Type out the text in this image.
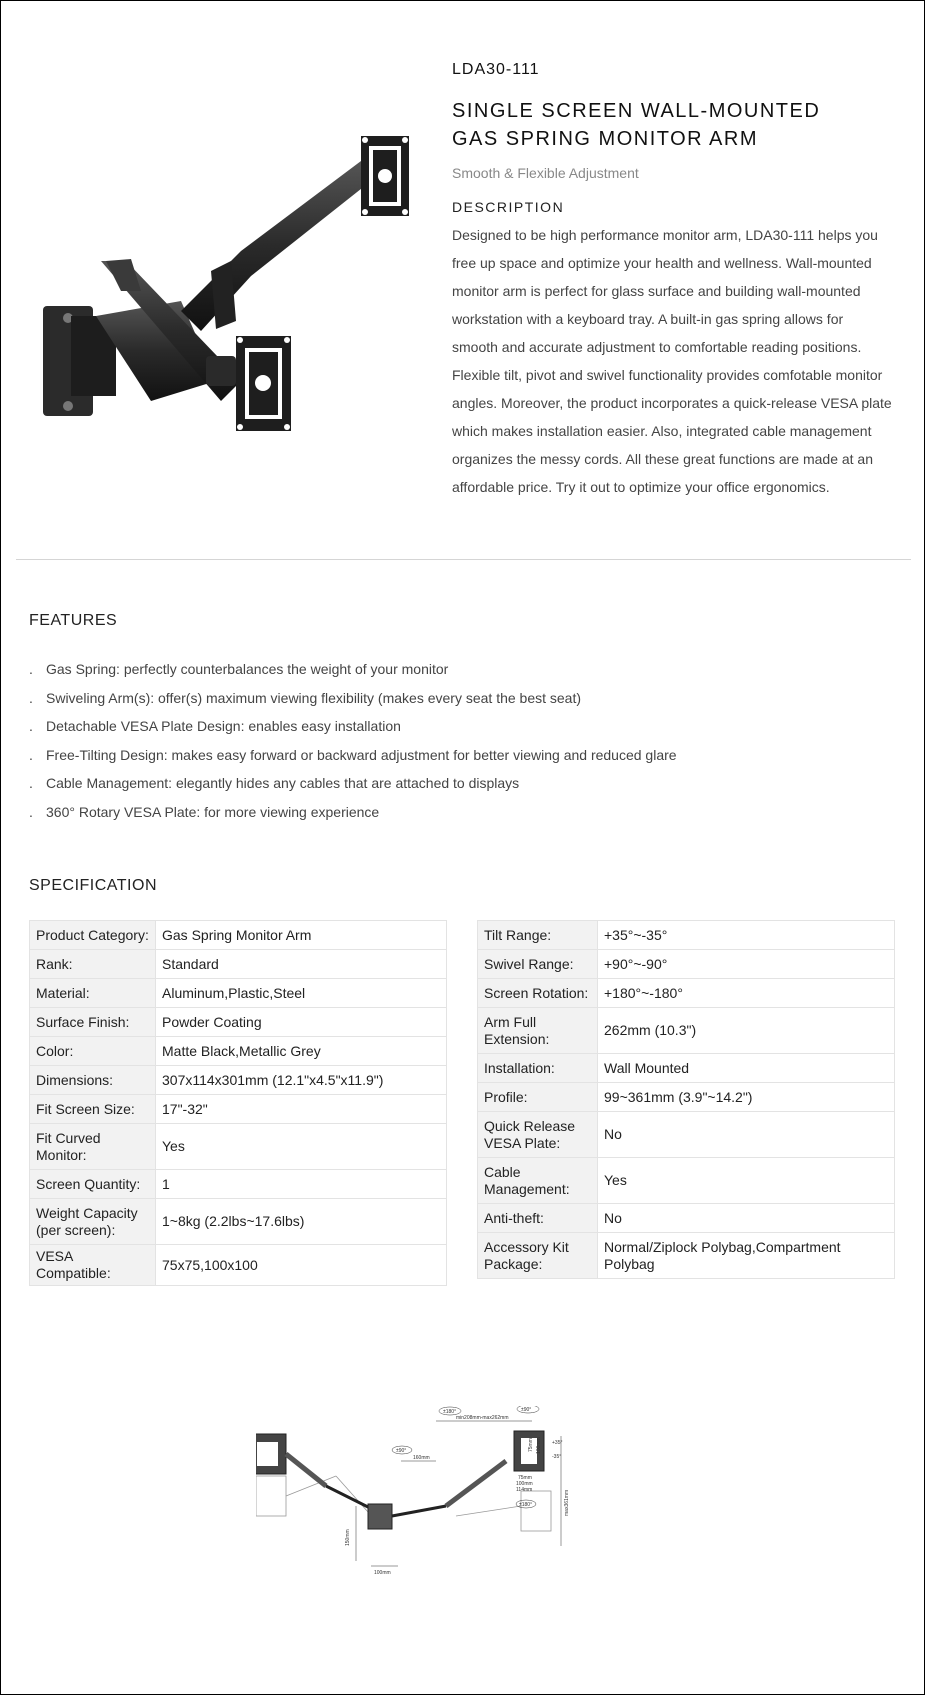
LDA30-111
SINGLE SCREEN WALL-MOUNTED
GAS SPRING MONITOR ARM
Smooth & Flexible Adjustment
DESCRIPTION

Designed to be high performance monitor arm, LDA30-111 helps you free up space and optimize your health and wellness. Wall-mounted monitor arm is perfect for glass surface and building wall-mounted workstation with a keyboard tray. A built-in gas spring allows for smooth and accurate adjustment to comfortable reading positions. Flexible tilt, pivot and swivel functionality provides comfotable monitor angles. Moreover, the product incorporates a quick-release VESA plate which makes installation easier. Also, integrated cable management organizes the messy cords. All these great functions are made at an affordable price. Try it out to optimize your office ergonomics.

FEATURES
. Gas Spring: perfectly counterbalances the weight of your monitor
. Swiveling Arm(s): offer(s) maximum viewing flexibility (makes every seat the best seat)
. Detachable VESA Plate Design: enables easy installation
. Free-Tilting Design: makes easy forward or backward adjustment for better viewing and reduced glare
. Cable Management: elegantly hides any cables that are attached to displays
. 360° Rotary VESA Plate: for more viewing experience
SPECIFICATION
Product Category:	Gas Spring Monitor Arm
Rank:	Standard
Material:	Aluminum,Plastic,Steel
Surface Finish:	Powder Coating
Color:	Matte Black,Metallic Grey
Dimensions:	307x114x301mm (12.1"x4.5"x11.9")
Fit Screen Size:	17"-32"
Fit Curved Monitor:	Yes
Screen Quantity:	1
Weight Capacity (per screen):	1~8kg (2.2lbs~17.6lbs)
VESA Compatible:	75x75,100x100
Tilt Range:	+35°~-35°
Swivel Range:	+90°~-90°
Screen Rotation:	+180°~-180°
Arm Full Extension:	262mm (10.3")
Installation:	Wall Mounted
Profile:	99~361mm (3.9"~14.2")
Quick Release VESA Plate:	No
Cable Management:	Yes
Anti-theft:	No
Accessory Kit Package:	Normal/Ziplock Polybag,Compartment Polybag
±180°	±90°
±90°
±180°
min208mm-max262mm
160mm
150mm
100mm
max361mm
75mm
100mm
114mm
+35°
-35°
75mm 100mm
